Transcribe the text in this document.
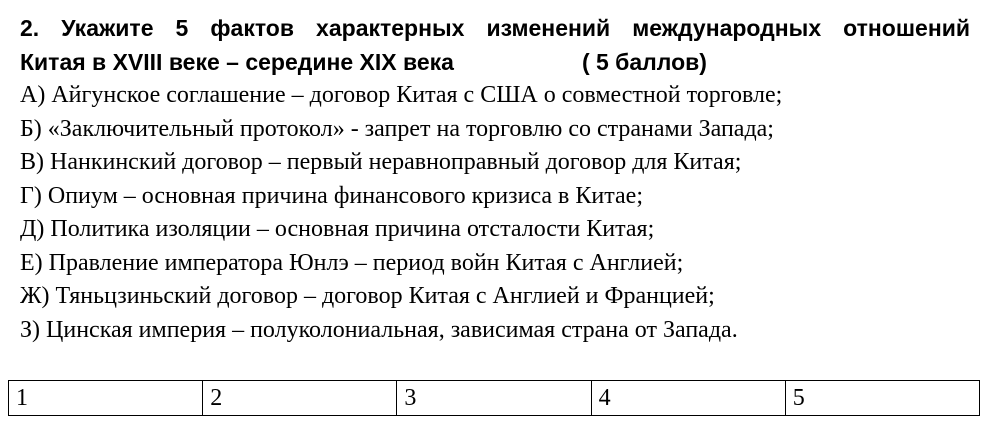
2. Укажите 5 фактов характерных изменений международных отношений
Китая в XVIII веке – середине XIX века	( 5 баллов)
А) Айгунское соглашение – договор Китая с США о совместной торговле;
Б) «Заключительный протокол» - запрет на торговлю со странами Запада;
В) Нанкинский договор – первый неравноправный договор для Китая;
Г) Опиум – основная причина финансового кризиса в Китае;
Д) Политика изоляции – основная причина отсталости Китая;
Е) Правление императора Юнлэ – период войн Китая с Англией;
Ж) Тяньцзиньский договор – договор Китая с Англией и Францией;
З) Цинская империя – полуколониальная, зависимая страна от Запада.
1	2	3	4	5
